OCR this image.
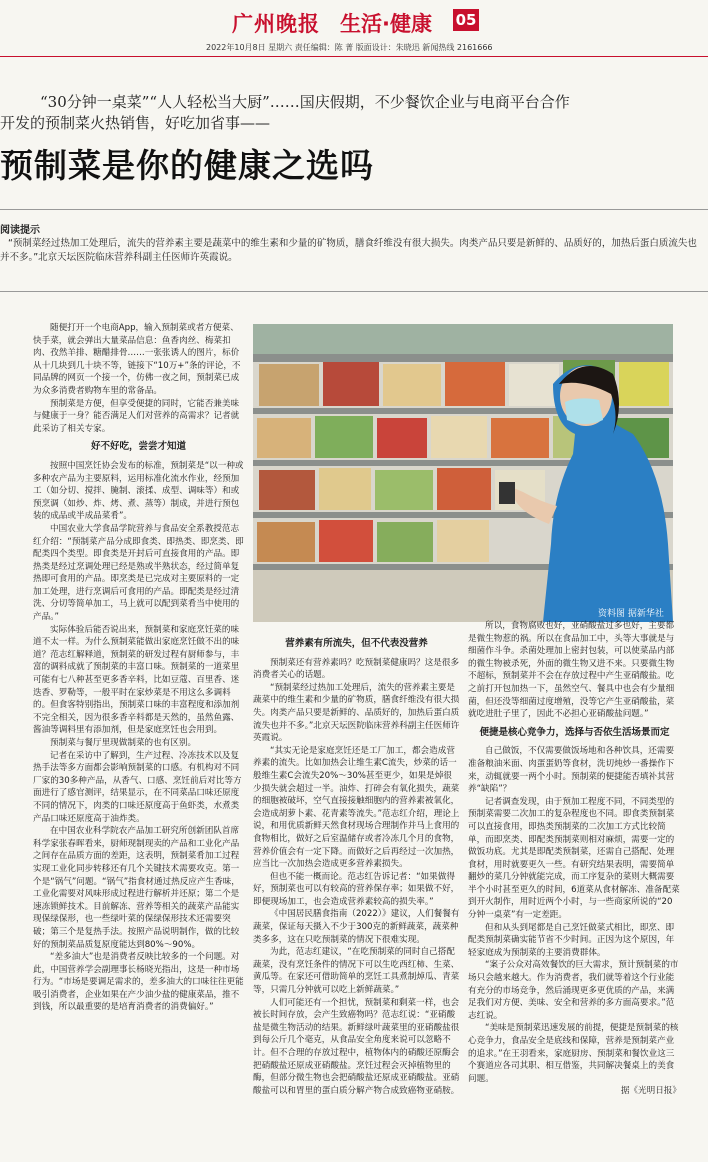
广州晚报 生活·健康 05
2022年10月8日 星期六 责任编辑：陈 菁 版面设计：朱晓迅 新闻热线 2161666
“30分钟一桌菜”“人人轻松当大厨”……国庆假期，不少餐饮企业与电商平台合作
开发的预制菜火热销售，好吃加省事——
预制菜是你的健康之选吗
阅读提示
“预制菜经过热加工处理后，流失的营养素主要是蔬菜中的维生素和少量的矿物质，膳食纤维没有很大损失。肉类产品只要是新鲜的、品质好的，加热后蛋白质流失也并不多。”北京天坛医院临床营养科副主任医师许英霞说。
资料图 据新华社

随便打开一个电商App，输入预制菜或者方便菜、快手菜，就会弹出大量菜品信息：鱼香肉丝、梅菜扣肉、孜然羊排、糖醋排骨……一张张诱人的图片，标价从十几块到几十块不等，链接下“10万+”条的评论，不同品牌的网页一个接一个，仿佛一夜之间，预制菜已成为众多消费者购物车里的常备品。

预制菜是方便，但享受便捷的同时，它能否兼美味与健康于一身？能否满足人们对营养的高需求？记者就此采访了相关专家。

好不好吃，尝尝才知道

按照中国烹饪协会发布的标准，预制菜是“以一种或多种农产品为主要原料，运用标准化流水作业，经预加工（如分切、搅拌、腌制、滚揉、成型、调味等）和或预烹调（如炒、炸、烤、煮、蒸等）制成，并进行预包装的成品或半成品菜肴”。

中国农业大学食品学院营养与食品安全系教授范志红介绍：“预制菜产品分成即食类、即热类、即烹类、即配类四个类型。即食类是开封后可直接食用的产品。即热类是经过烹调处理已经是熟或半熟状态，经过简单复热即可食用的产品。即烹类是已完成对主要原料的一定加工处理，进行烹调后可食用的产品。即配类是经过清洗、分切等简单加工，马上就可以配到菜肴当中使用的产品。”

实际体验后能否说出来，预制菜和家庭烹饪菜的味道不太一样。为什么预制菜能做出家庭烹饪做不出的味道？范志红解释道，预制菜的研发过程有厨师参与，丰富的调料成就了预制菜的丰富口味。预制菜的一道菜里可能有七八种甚至更多香辛料，比如豆蔻、百里香、迷迭香、罗勒等，一般平时在家炒菜是不用这么多调料的。但食客特别指出，预制菜口味的丰富程度和添加剂不完全相关，因为很多香辛料都是天然的，虽然鱼露、酱油等调料里有添加剂，但是家庭烹饪也会用到。

预制菜与餐厅里现做制菜的也有区别。

记者在采访中了解到，生产过程、冷冻技术以及复热手法等多方面都会影响预制菜的口感。有机构对不同厂家的30多种产品，从香气、口感、烹饪前后对比等方面进行了感官测评，结果显示，在不同菜品口味还原度不同的情况下，肉类的口味还原度高于鱼虾类，水煮类产品口味还原度高于油炸类。

在中国农业科学院农产品加工研究所创新团队首席科学家张春晖看来，厨师现制现卖的产品和工业化产品之间存在品质方面的差距，这表明，预制菜肴加工过程实现工业化同步转移还有几个关键技术需要攻克。第一个是“锅气”问题。“锅气”指食材通过热反应产生香味，工业化需要对风味形成过程进行解析并还原；第二个是速冻锁鲜技术。目前解冻、营养等相关的蔬菜产品能实现保绿保形，也一些绿叶菜的保绿保形技术还需要突破；第三个是复热手法。按照产品说明制作，做的比较好的预制菜品质复原度能达到80%～90%。

“差多油大”也是消费者反映比较多的一个问题。对此，中国营养学会副理事长杨晓光指出，这是一种市场行为。“市场是要调足需求的，差多油大的口味往往更能吸引消费者，企业如果在产少油少盐的健康菜品，推不到钱，所以最重要的是培育消费者的消费偏好。”

营养素有所流失，但不代表没营养

预制菜还有营养素吗？吃预制菜健康吗？这是很多消费者关心的话题。

“预制菜经过热加工处理后，流失的营养素主要是蔬菜中的维生素和少量的矿物质，膳食纤维没有很大损失。肉类产品只要是新鲜的、品质好的，加热后蛋白质流失也并不多。”北京天坛医院临床营养科副主任医师许英霞说。

“其实无论是家庭烹饪还是工厂加工，都会造成营养素的流失。比如加热会让维生素C流失，炒菜的话一般维生素C会流失20%～30%甚至更少，如果是焯很少损失就会超过一半。油炸、打碎会有氧化损失，蔬菜的细胞被破坏，空气直接接触细胞内的营养素被氧化，会造成胡萝卜素、花青素等流失。”范志红介绍，理论上说，和用优质新鲜天然食材现场合理制作并马上食用的食物相比，做好之后室温储存或者冷冻几个月的食物，营养价值会有一定下降。而做好之后再经过一次加热，应当比一次加热会造成更多营养素损失。

但也不能一概而论。范志红告诉记者：“如果做得好，预制菜也可以有较高的营养保存率；如果做不好，即便现场加工，也会造成营养素较高的损失率。”

《中国居民膳食指南（2022）》建议，人们餐餐有蔬菜，保证每天摄入不少于300克的新鲜蔬菜，蔬菜种类多多，这在只吃预制菜的情况下很难实现。

为此，范志红建议，“在吃预制菜的同时自己搭配蔬菜，没有烹饪条件的情况下可以生吃西红柿、生菜、黄瓜等。在家还可借助简单的烹饪工具煮制焯瓜、青菜等，只需几分钟就可以吃上新鲜蔬菜。”

人们可能还有一个担忧，预制菜和剩菜一样，也会被长时间存放，会产生致癌物吗？范志红说：“亚硝酸盐是微生物活动的结果。新鲜绿叶蔬菜里的亚硝酸盐很到每公斤几个毫克，从食品安全角度来说可以忽略不计。但不合理的存放过程中，植物体内的硝酸还原酶会把硝酸盐还原成亚硝酸盐。烹饪过程会灭掉植物里的酶，但部分微生物也会把硝酸盐还原成亚硝酸盐。亚硝酸盐可以和胃里的蛋白质分解产物合成致癌物亚硝胺。

所以，食物腐败也好，亚硝酸盐过多也好，主要都是微生物惹的祸。所以在食品加工中，头等大事就是与细菌作斗争。杀菌处理加上密封包装，可以使菜品内部的微生物被杀死，外面的微生物又进不来。只要微生物不超标，预制菜并不会在存放过程中产生亚硝酸盐。吃之前打开包加热一下，虽然空气、餐具中也会有少量细菌，但还没等细菌过度增殖，没等它产生亚硝酸盐，菜就吃进肚子里了，因此不必担心亚硝酸盐问题。”

便捷是核心竞争力，选择与否依生活场景而定

自己做饭，不仅需要做饭场地和各种饮具，还需要准备粮油米面、肉蛋蛋奶等食材，洗切炖炒一番操作下来，动辄就要一两个小时。预制菜的便捷能否填补其营养“缺陷”？

记者调查发现，由于预加工程度不同，不同类型的预制菜需要二次加工的复杂程度也不同。即食类预制菜可以直接食用，即热类预制菜的二次加工方式比较简单，而即烹类、即配类预制菜则相对麻烦，需要一定的做饭功底。尤其是即配类预制菜，还需自己搭配、处理食材，用时就要更久一些。有研究结果表明，需要简单翻炒的菜几分钟就能完成，而工序复杂的菜则大概需要半个小时甚至更久的时间，6道菜从食材解冻、准备配菜到开火制作，用时近两个小时，与一些商家所说的“20分钟一桌菜”有一定差距。

但和从头到尾都是自己烹饪做菜式相比，即烹、即配类预制菜确实能节省不少时间。正因为这个原因，年轻家庭成为预制菜的主要消费群体。

“案子公众对高效餐饮的巨大需求，预计预制菜的市场只会越来越大。作为消费者，我们就等着这个行业能有充分的市场竞争，然后涌现更多更优质的产品，来满足我们对方便、美味、安全和营养的多方面高要求。”范志红说。

“美味是预制菜迅速发展的前提，便捷是预制菜的核心竞争力，食品安全是底线和保障，营养是预制菜产业的追求。”在王羽看来，家庭厨房、预制菜和餐饮业这三个赛道应各司其职、相互借鉴，共同解决餐桌上的美食问题。

据《光明日报》
